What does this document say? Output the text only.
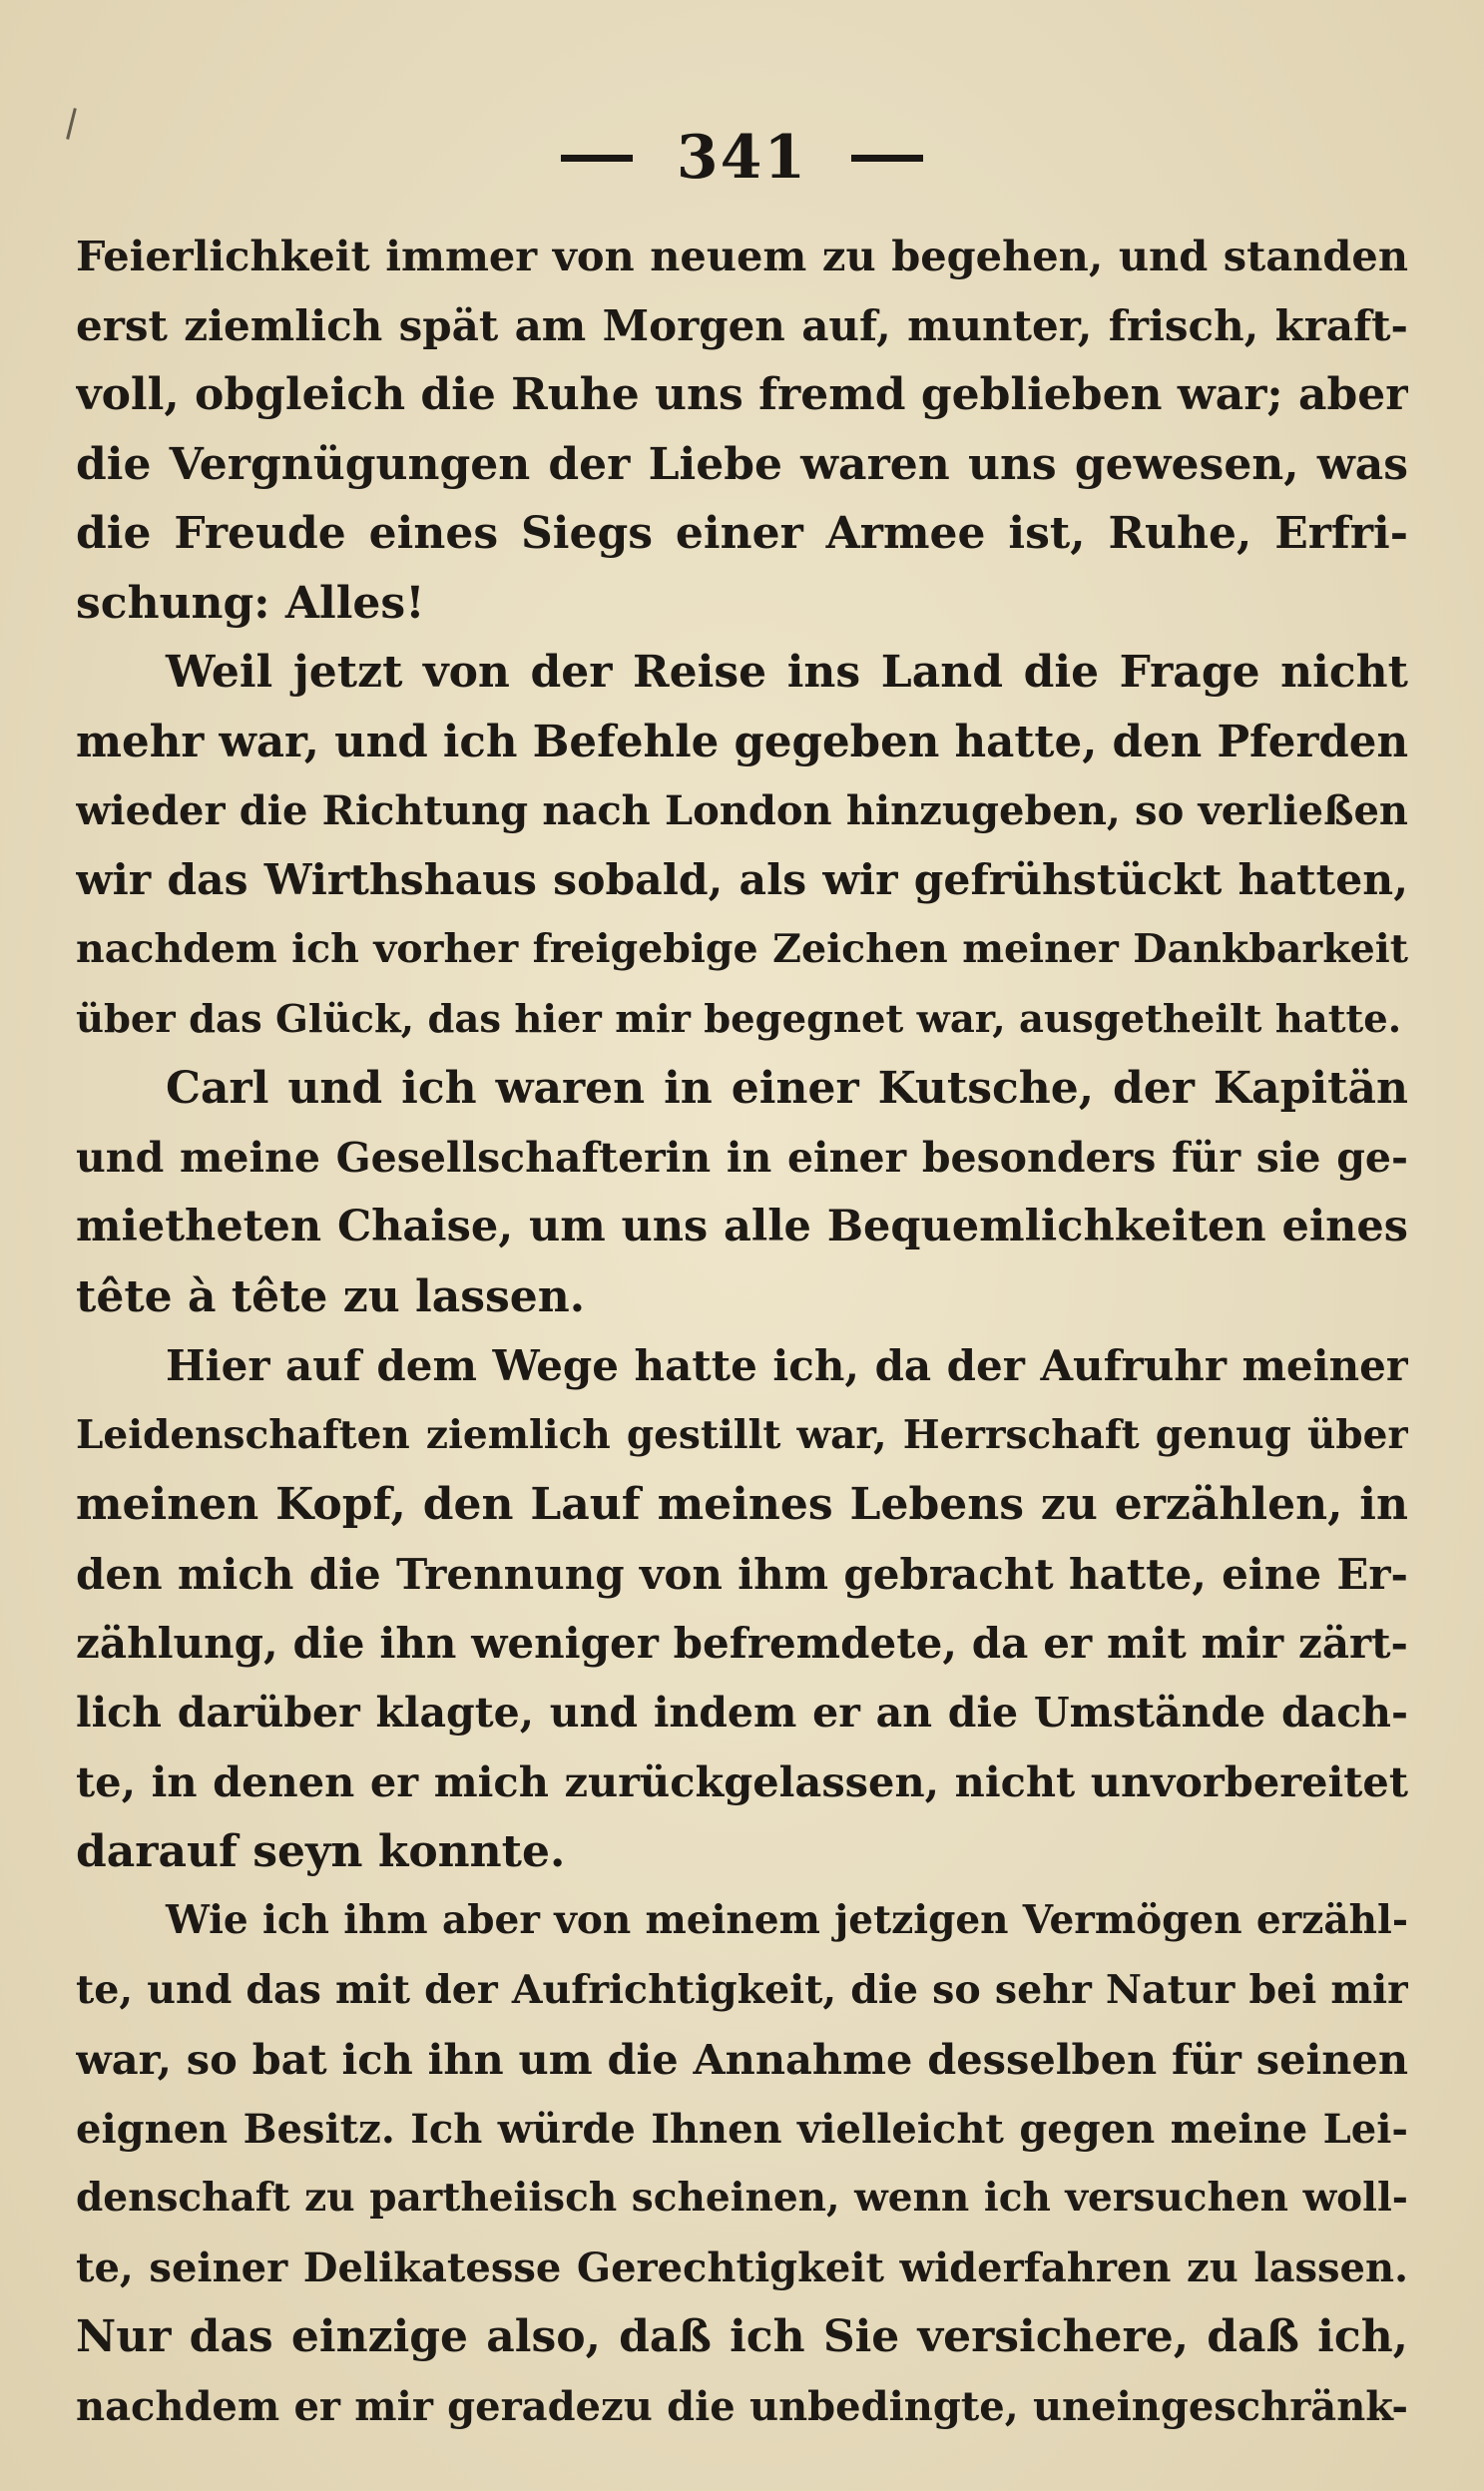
341
Feierlichkeit immer von neuem zu begehen, und standen
erst ziemlich spät am Morgen auf, munter, frisch, kraft-
voll, obgleich die Ruhe uns fremd geblieben war; aber
die Vergnügungen der Liebe waren uns gewesen, was
die Freude eines Siegs einer Armee ist, Ruhe, Erfri-
schung: Alles!
Weil jetzt von der Reise ins Land die Frage nicht
mehr war, und ich Befehle gegeben hatte, den Pferden
wieder die Richtung nach London hinzugeben, so verließen
wir das Wirthshaus sobald, als wir gefrühstückt hatten,
nachdem ich vorher freigebige Zeichen meiner Dankbarkeit
über das Glück, das hier mir begegnet war, ausgetheilt hatte.
Carl und ich waren in einer Kutsche, der Kapitän
und meine Gesellschafterin in einer besonders für sie ge-
mietheten Chaise, um uns alle Bequemlichkeiten eines
tête à tête zu lassen.
Hier auf dem Wege hatte ich, da der Aufruhr meiner
Leidenschaften ziemlich gestillt war, Herrschaft genug über
meinen Kopf, den Lauf meines Lebens zu erzählen, in
den mich die Trennung von ihm gebracht hatte, eine Er-
zählung, die ihn weniger befremdete, da er mit mir zärt-
lich darüber klagte, und indem er an die Umstände dach-
te, in denen er mich zurückgelassen, nicht unvorbereitet
darauf seyn konnte.
Wie ich ihm aber von meinem jetzigen Vermögen erzähl-
te, und das mit der Aufrichtigkeit, die so sehr Natur bei mir
war, so bat ich ihn um die Annahme desselben für seinen
eignen Besitz. Ich würde Ihnen vielleicht gegen meine Lei-
denschaft zu partheiisch scheinen, wenn ich versuchen woll-
te, seiner Delikatesse Gerechtigkeit widerfahren zu lassen.
Nur das einzige also, daß ich Sie versichere, daß ich,
nachdem er mir geradezu die unbedingte, uneingeschränk-
